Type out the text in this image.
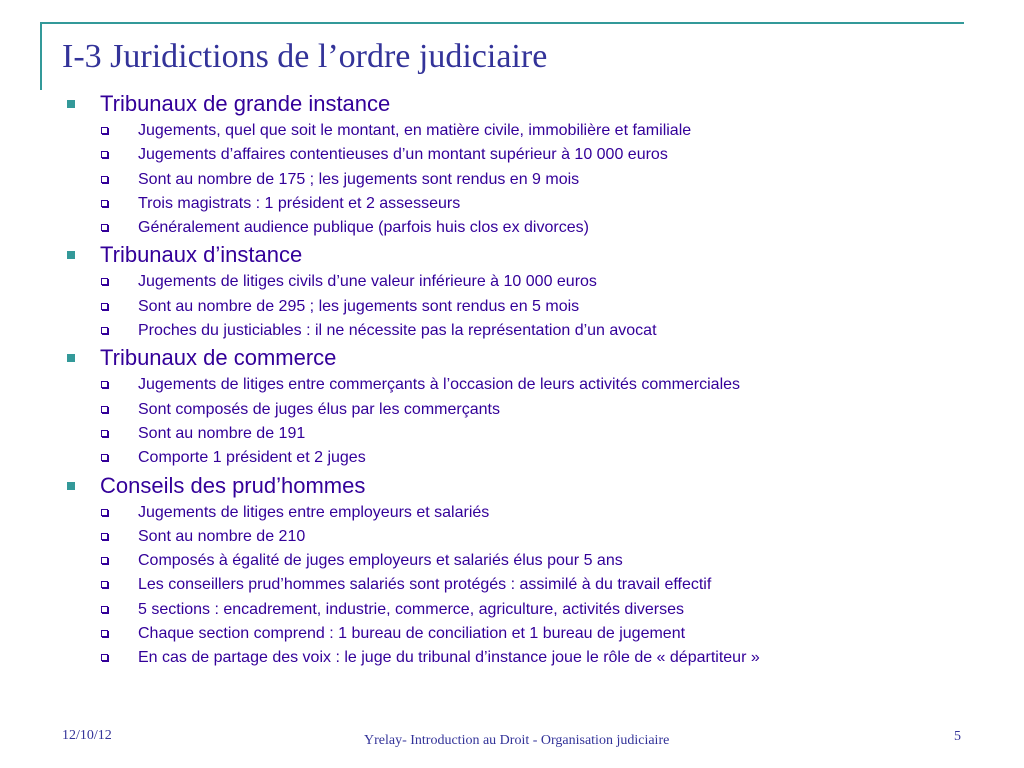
I-3 Juridictions de l’ordre judiciaire
Tribunaux de grande instance
Jugements, quel que soit le montant, en matière civile, immobilière et familiale
Jugements d’affaires contentieuses d’un montant supérieur à 10 000 euros
Sont au nombre de 175 ; les jugements sont rendus en 9 mois
Trois magistrats : 1 président et 2 assesseurs
Généralement audience publique (parfois huis clos ex divorces)
Tribunaux d’instance
Jugements de litiges civils d’une valeur inférieure à 10 000 euros
Sont au nombre de 295 ; les jugements sont rendus en 5 mois
Proches du justiciables : il ne nécessite pas la représentation d’un avocat
Tribunaux de commerce
Jugements de litiges entre commerçants à l’occasion de leurs activités commerciales
Sont composés de juges élus par les commerçants
Sont au nombre de 191
Comporte 1 président et 2 juges
Conseils des prud’hommes
Jugements de litiges entre employeurs et salariés
Sont au nombre de 210
Composés à égalité de juges employeurs et salariés élus pour 5 ans
Les conseillers prud’hommes salariés sont protégés : assimilé à du travail effectif
5 sections : encadrement, industrie, commerce, agriculture, activités diverses
Chaque section comprend : 1 bureau de conciliation et 1 bureau de jugement
En cas de partage des voix : le juge du tribunal d’instance joue le rôle de « départiteur »
12/10/12	Yrelay- Introduction au Droit - Organisation judiciaire	5
